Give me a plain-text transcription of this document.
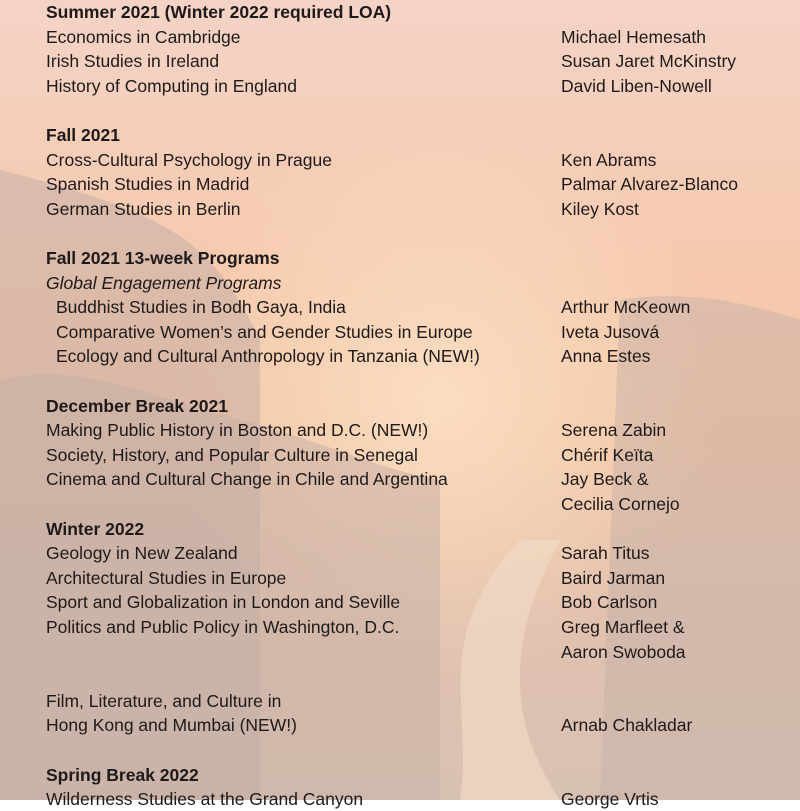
Summer 2021 (Winter 2022 required LOA)
Economics in Cambridge	Michael Hemesath
Irish Studies in Ireland	Susan Jaret McKinstry
History of Computing in England	David Liben-Nowell
Fall 2021
Cross-Cultural Psychology in Prague	Ken Abrams
Spanish Studies in Madrid	Palmar Alvarez-Blanco
German Studies in Berlin	Kiley Kost
Fall 2021 13-week Programs
Global Engagement Programs
Buddhist Studies in Bodh Gaya, India	Arthur McKeown
Comparative Women’s and Gender Studies in Europe	Iveta Jusová
Ecology and Cultural Anthropology in Tanzania (NEW!)	Anna Estes
December Break 2021
Making Public History in Boston and D.C. (NEW!)	Serena Zabin
Society, History, and Popular Culture in Senegal	Chérif Keïta
Cinema and Cultural Change in Chile and Argentina	Jay Beck &
Cecilia Cornejo
Winter 2022
Geology in New Zealand	Sarah Titus
Architectural Studies in Europe	Baird Jarman
Sport and Globalization in London and Seville	Bob Carlson
Politics and Public Policy in Washington, D.C.	Greg Marfleet &
Aaron Swoboda
Film, Literature, and Culture in
Hong Kong and Mumbai (NEW!)	Arnab Chakladar
Spring Break 2022
Wilderness Studies at the Grand Canyon	George Vrtis
